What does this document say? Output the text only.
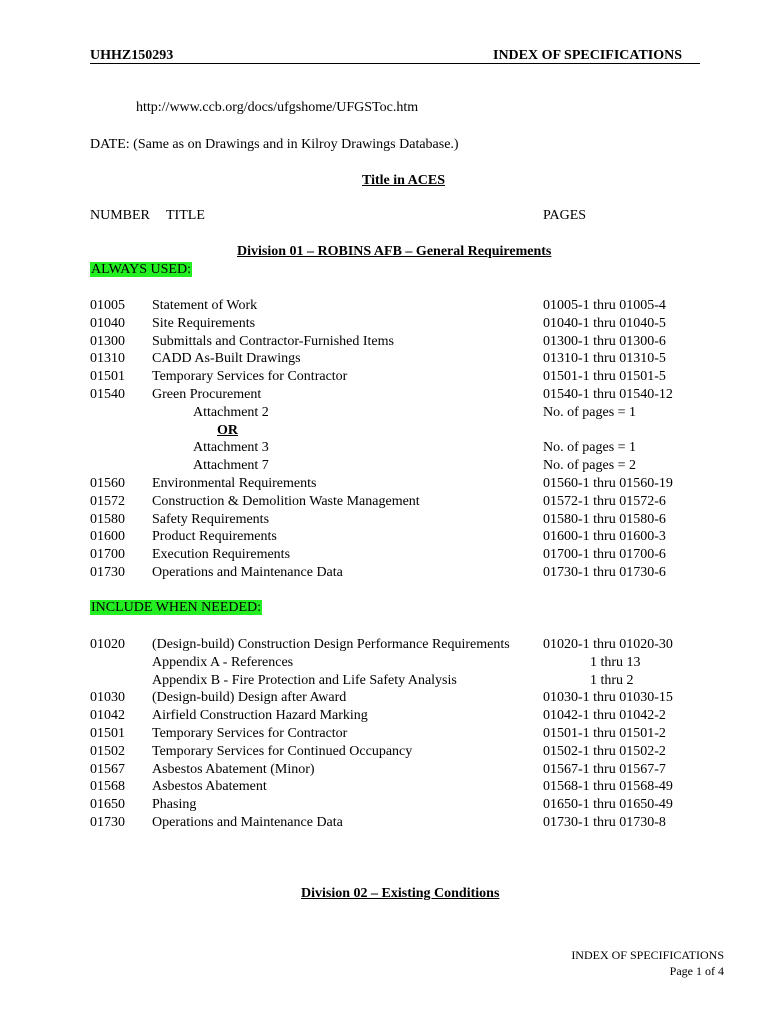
UHHZ150293	INDEX OF SPECIFICATIONS
http://www.ccb.org/docs/ufgshome/UFGSToc.htm
DATE: (Same as on Drawings and in Kilroy Drawings Database.)
Title in ACES
NUMBER TITLE	PAGES
Division 01 – ROBINS AFB – General Requirements
ALWAYS USED:
01005 Statement of Work	01005-1 thru 01005-4
01040 Site Requirements	01040-1 thru 01040-5
01300 Submittals and Contractor-Furnished Items	01300-1 thru 01300-6
01310 CADD As-Built Drawings	01310-1 thru 01310-5
01501 Temporary Services for Contractor	01501-1 thru 01501-5
01540 Green Procurement	01540-1 thru 01540-12
Attachment 2	No. of pages = 1
OR
Attachment 3	No. of pages = 1
Attachment 7	No. of pages = 2
01560 Environmental Requirements	01560-1 thru 01560-19
01572 Construction & Demolition Waste Management	01572-1 thru 01572-6
01580 Safety Requirements	01580-1 thru 01580-6
01600 Product Requirements	01600-1 thru 01600-3
01700 Execution Requirements	01700-1 thru 01700-6
01730 Operations and Maintenance Data	01730-1 thru 01730-6
INCLUDE WHEN NEEDED:
01020 (Design-build) Construction Design Performance Requirements 01020-1 thru 01020-30
Appendix A - References	1 thru 13
Appendix B - Fire Protection and Life Safety Analysis	1 thru 2
01030 (Design-build) Design after Award	01030-1 thru 01030-15
01042 Airfield Construction Hazard Marking	01042-1 thru 01042-2
01501 Temporary Services for Contractor	01501-1 thru 01501-2
01502 Temporary Services for Continued Occupancy	01502-1 thru 01502-2
01567 Asbestos Abatement (Minor)	01567-1 thru 01567-7
01568 Asbestos Abatement	01568-1 thru 01568-49
01650 Phasing	01650-1 thru 01650-49
01730 Operations and Maintenance Data	01730-1 thru 01730-8
Division 02 – Existing Conditions
INDEX OF SPECIFICATIONS
Page 1 of 4
